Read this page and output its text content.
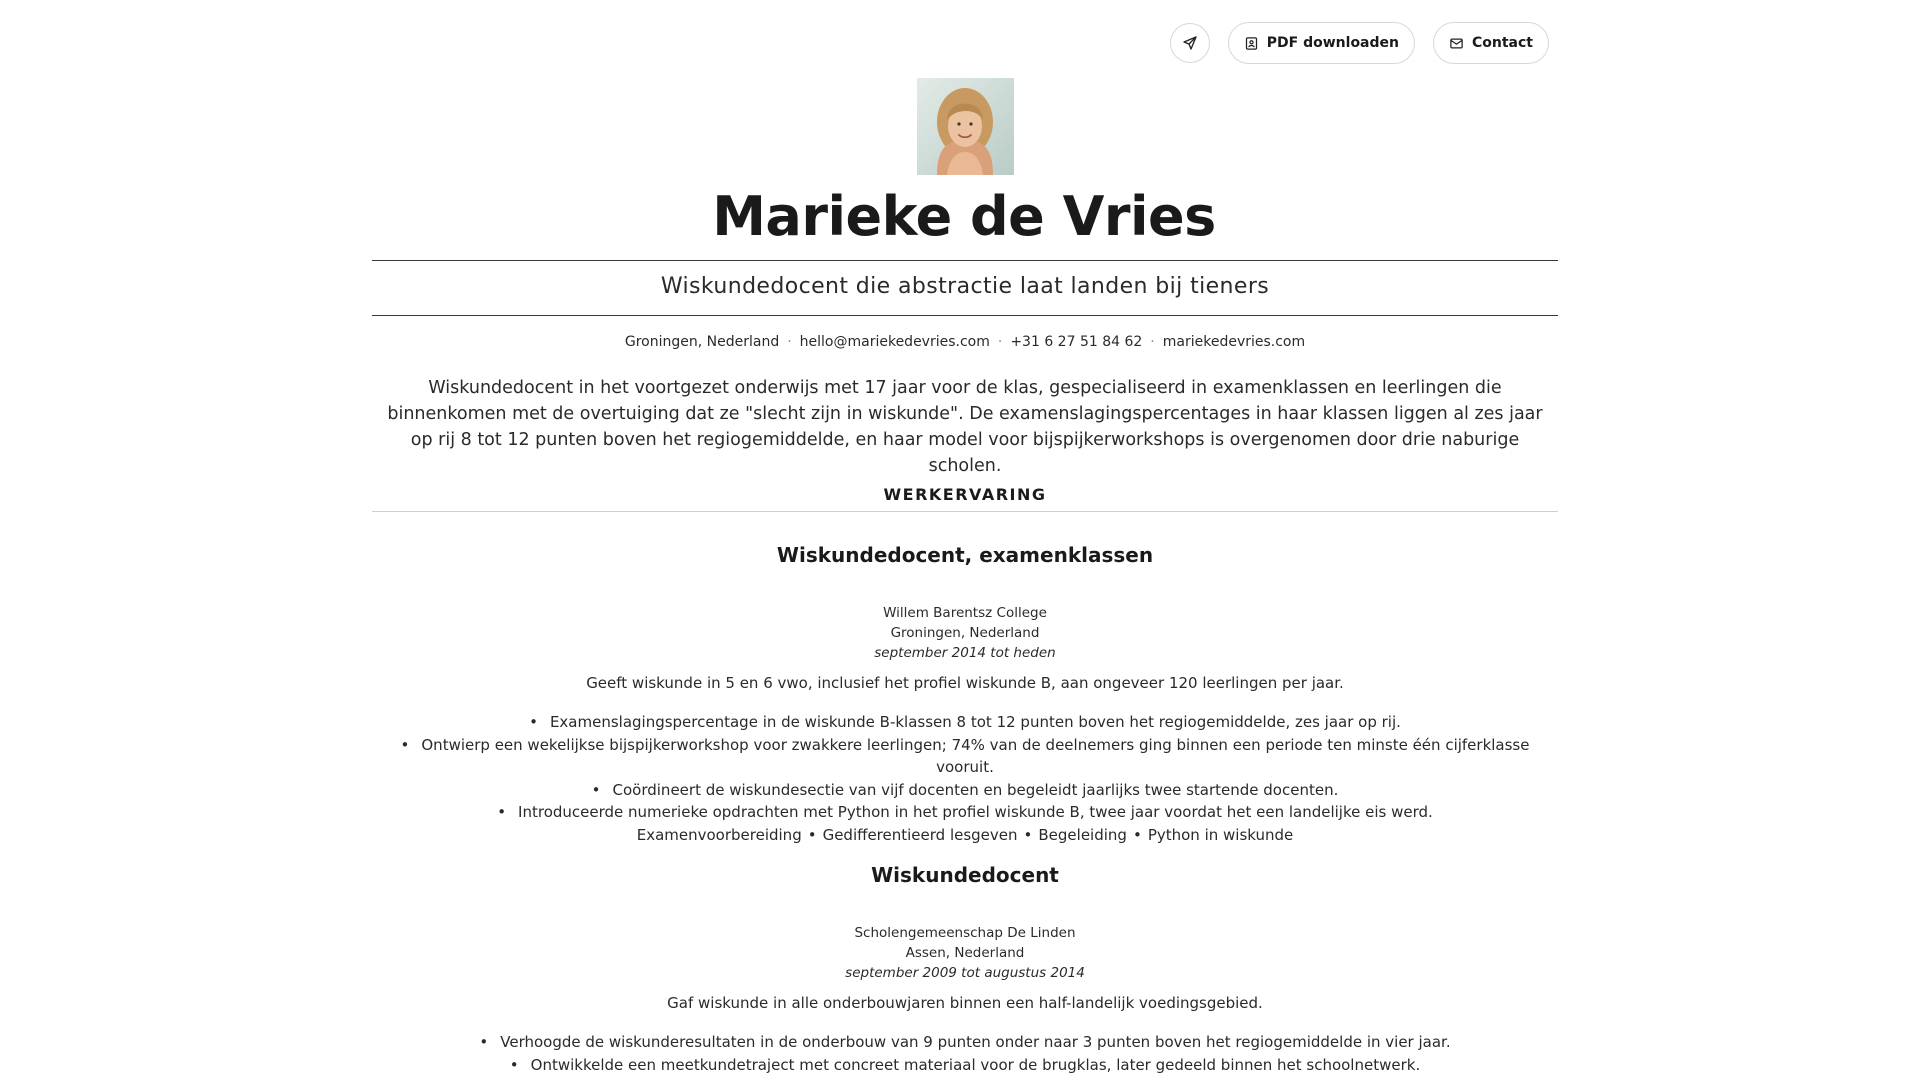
PDF downloaden	Contact
Marieke de Vries
Wiskundedocent die abstractie laat landen bij tieners
Groningen, Nederland · hello@mariekedevries.com · +31 6 27 51 84 62 · mariekedevries.com
Wiskundedocent in het voortgezet onderwijs met 17 jaar voor de klas, gespecialiseerd in examenklassen en leerlingen die binnenkomen met de overtuiging dat ze "slecht zijn in wiskunde". De examenslagingspercentages in haar klassen liggen al zes jaar op rij 8 tot 12 punten boven het regiogemiddelde, en haar model voor bijspijkerworkshops is overgenomen door drie naburige scholen.
WERKERVARING
Wiskundedocent, examenklassen
Willem Barentsz College
Groningen, Nederland
september 2014 tot heden
Geeft wiskunde in 5 en 6 vwo, inclusief het profiel wiskunde B, aan ongeveer 120 leerlingen per jaar.
• Examenslagingspercentage in de wiskunde B-klassen 8 tot 12 punten boven het regiogemiddelde, zes jaar op rij.
• Ontwierp een wekelijkse bijspijkerworkshop voor zwakkere leerlingen; 74% van de deelnemers ging binnen een periode ten minste één cijferklasse vooruit.
• Coördineert de wiskundesectie van vijf docenten en begeleidt jaarlijks twee startende docenten.
• Introduceerde numerieke opdrachten met Python in het profiel wiskunde B, twee jaar voordat het een landelijke eis werd.
Examenvoorbereiding • Gedifferentieerd lesgeven • Begeleiding • Python in wiskunde
Wiskundedocent
Scholengemeenschap De Linden
Assen, Nederland
september 2009 tot augustus 2014
Gaf wiskunde in alle onderbouwjaren binnen een half-landelijk voedingsgebied.
• Verhoogde de wiskunderesultaten in de onderbouw van 9 punten onder naar 3 punten boven het regiogemiddelde in vier jaar.
• Ontwikkelde een meetkundetraject met concreet materiaal voor de brugklas, later gedeeld binnen het schoolnetwerk.
